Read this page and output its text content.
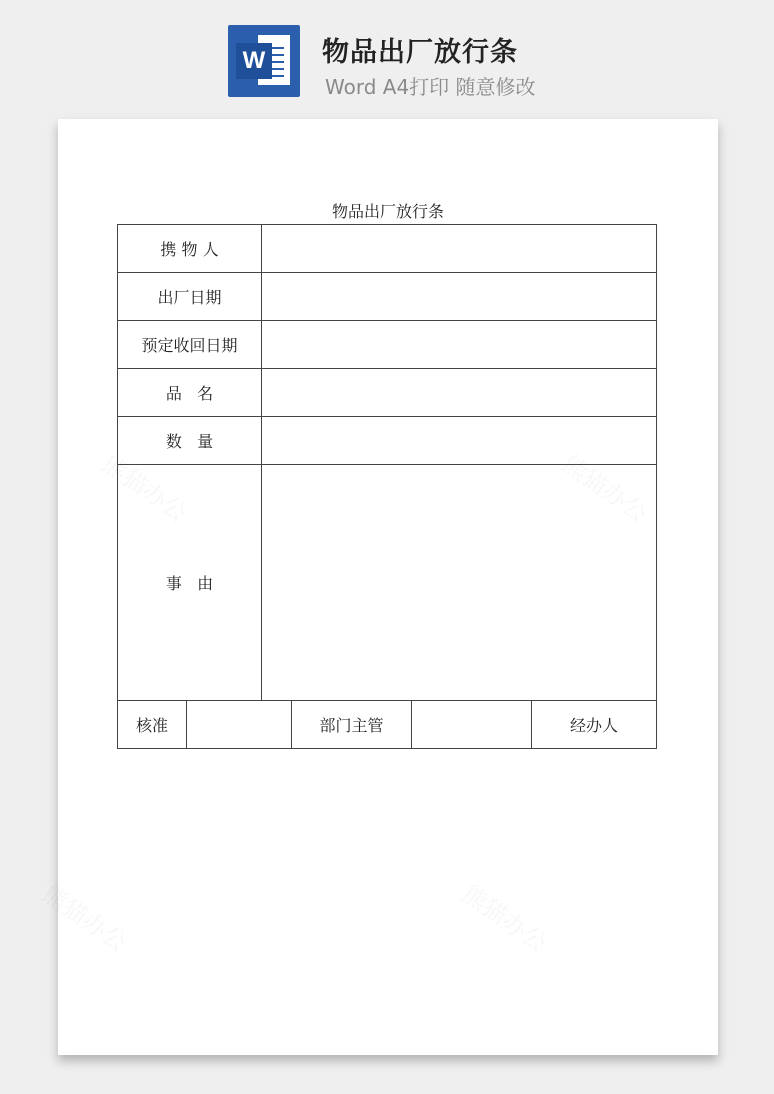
W 物品出厂放行条
Word A4打印 随意修改
物品出厂放行条
携 物 人					
出厂日期					
预定收回日期					
品   名					
数   量					
事   由					
核准			部门主管		经办人
